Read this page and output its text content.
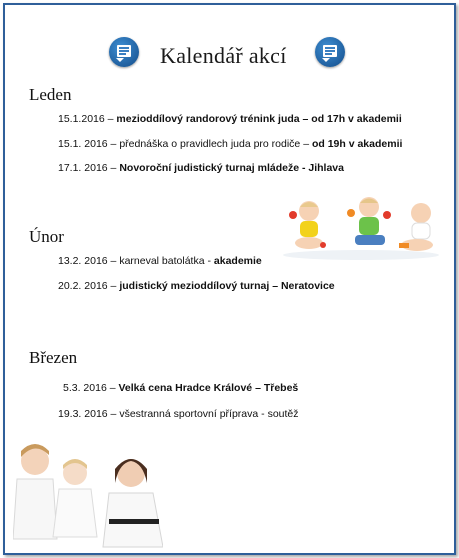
Kalendář akcí
Leden
15.1.2016 – mezioddílový randorový trénink juda – od 17h v akademii
15.1. 2016 – přednáška o pravidlech juda pro rodiče – od 19h v akademii
17.1. 2016 – Novoroční judistický turnaj mládeže - Jihlava
Únor
13.2. 2016 – karneval batolátka - akademie
20.2. 2016 – judistický mezioddílový turnaj – Neratovice
Březen
5.3. 2016 – Velká cena Hradce Králové – Třebeš
19.3. 2016 – všestranná sportovní příprava - soutěž
